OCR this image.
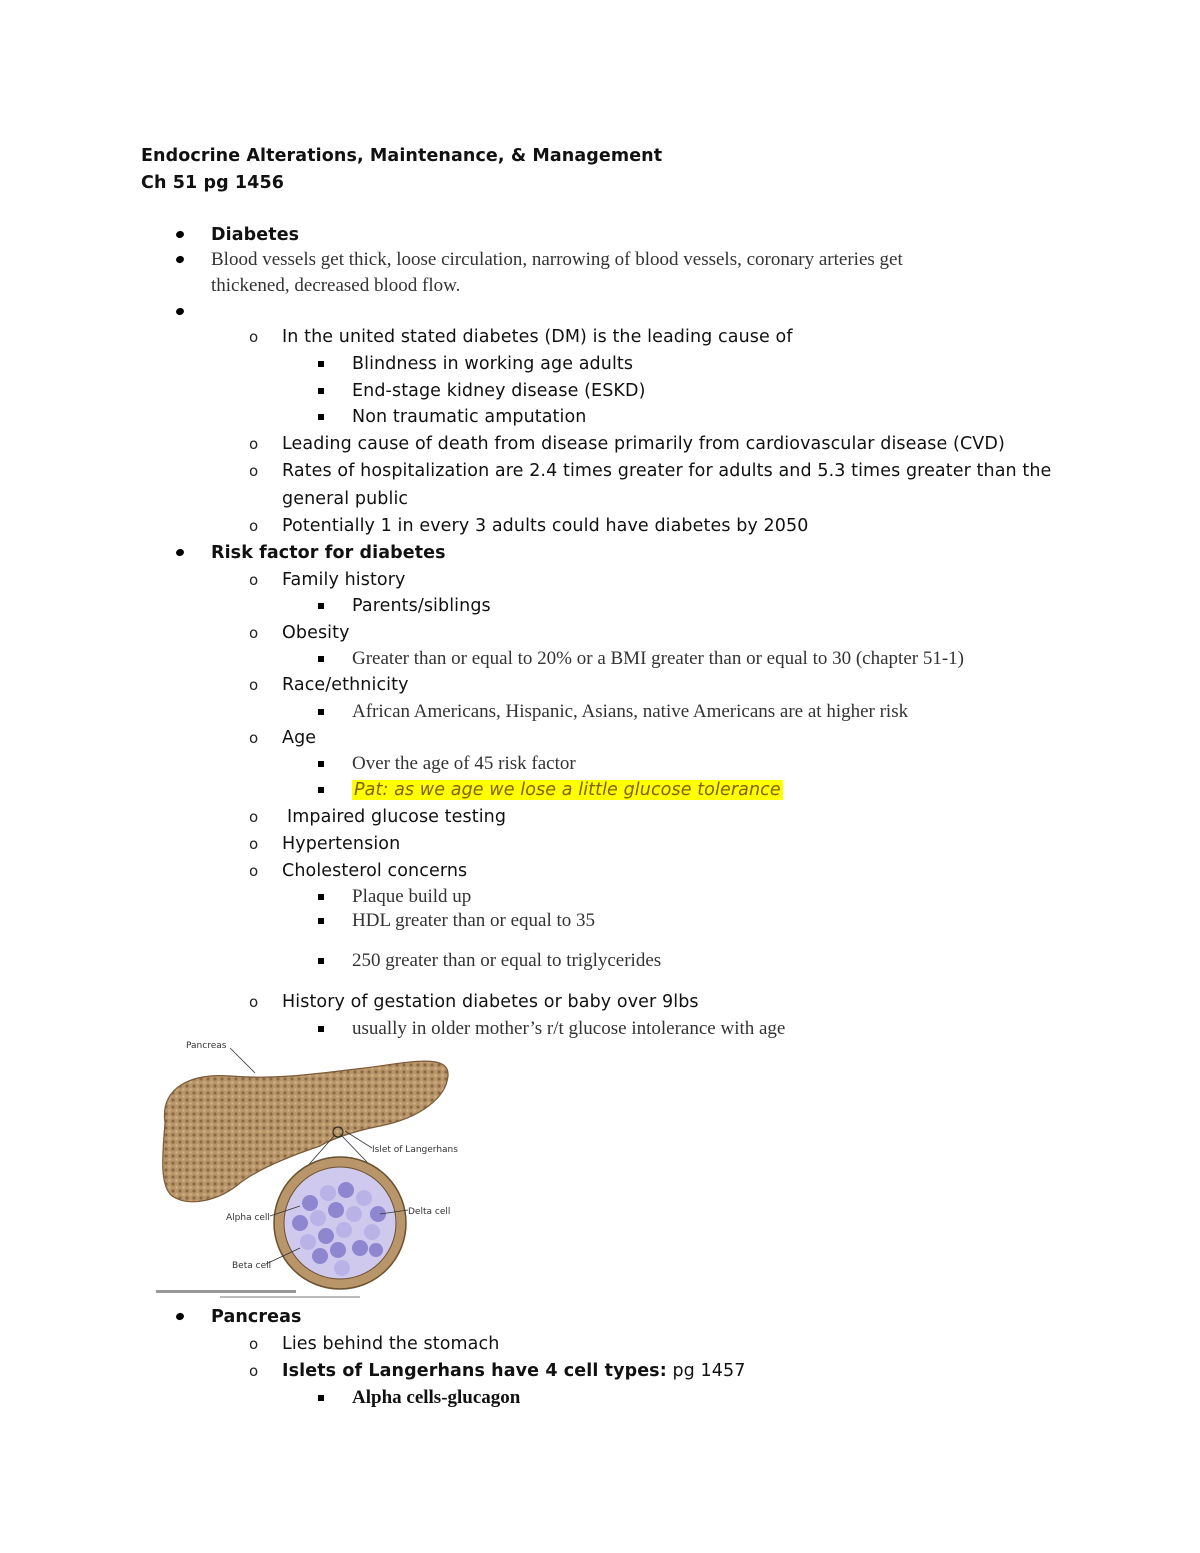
Endocrine Alterations, Maintenance, & Management
Ch 51 pg 1456
Diabetes
Blood vessels get thick, loose circulation, narrowing of blood vessels, coronary arteries get
thickened, decreased blood flow.
o In the united stated diabetes (DM) is the leading cause of
Blindness in working age adults
End-stage kidney disease (ESKD)
Non traumatic amputation
o Leading cause of death from disease primarily from cardiovascular disease (CVD)
o Rates of hospitalization are 2.4 times greater for adults and 5.3 times greater than the
general public
o Potentially 1 in every 3 adults could have diabetes by 2050
Risk factor for diabetes
o Family history
Parents/siblings
o Obesity
Greater than or equal to 20% or a BMI greater than or equal to 30 (chapter 51-1)
o Race/ethnicity
African Americans, Hispanic, Asians, native Americans are at higher risk
o Age
Over the age of 45 risk factor
Pat: as we age we lose a little glucose tolerance
o Impaired glucose testing
o Hypertension
o Cholesterol concerns
Plaque build up
HDL greater than or equal to 35
250 greater than or equal to triglycerides
o History of gestation diabetes or baby over 9lbs
usually in older mother’s r/t glucose intolerance with age
Pancreas
Islet of Langerhans
Alpha cell
Delta cell
Beta cell
Pancreas
o Lies behind the stomach
o Islets of Langerhans have 4 cell types: pg 1457
Alpha cells-glucagon
